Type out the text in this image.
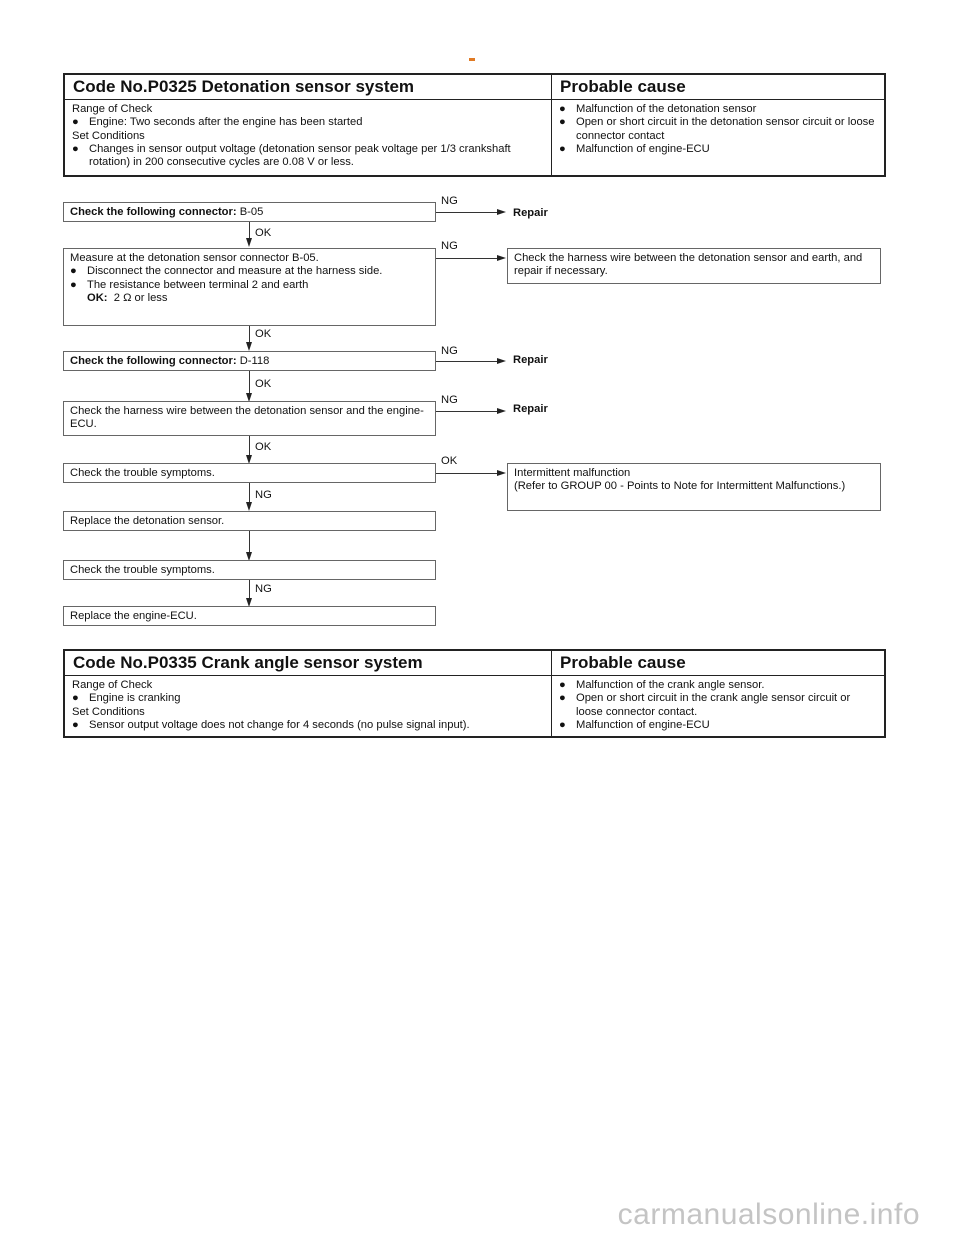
Code No.P0325 Detonation sensor system	Probable cause
Range of Check
● Engine: Two seconds after the engine has been started
Set Conditions
● Changes in sensor output voltage (detonation sensor peak voltage per 1/3 crankshaft rotation) in 200 consecutive cycles are 0.08 V or less.
● Malfunction of the detonation sensor
● Open or short circuit in the detonation sensor circuit or loose connector contact
● Malfunction of engine-ECU
Check the following connector: B-05
NG
Repair
OK
Measure at the detonation sensor connector B-05.
● Disconnect the connector and measure at the harness side.
● The resistance between terminal 2 and earth
OK: 2 Ω or less
NG
Check the harness wire between the detonation sensor and earth, and repair if necessary.
OK
Check the following connector: D-118
NG
Repair
OK
Check the harness wire between the detonation sensor and the engine-ECU.
NG
Repair
OK
Check the trouble symptoms.
OK
Intermittent malfunction
(Refer to GROUP 00 - Points to Note for Intermittent Malfunctions.)
NG
Replace the detonation sensor.
Check the trouble symptoms.
NG
Replace the engine-ECU.
Code No.P0335 Crank angle sensor system	Probable cause
Range of Check
● Engine is cranking
Set Conditions
● Sensor output voltage does not change for 4 seconds (no pulse signal input).
● Malfunction of the crank angle sensor.
● Open or short circuit in the crank angle sensor circuit or loose connector contact.
● Malfunction of engine-ECU
carmanualsonline.info
